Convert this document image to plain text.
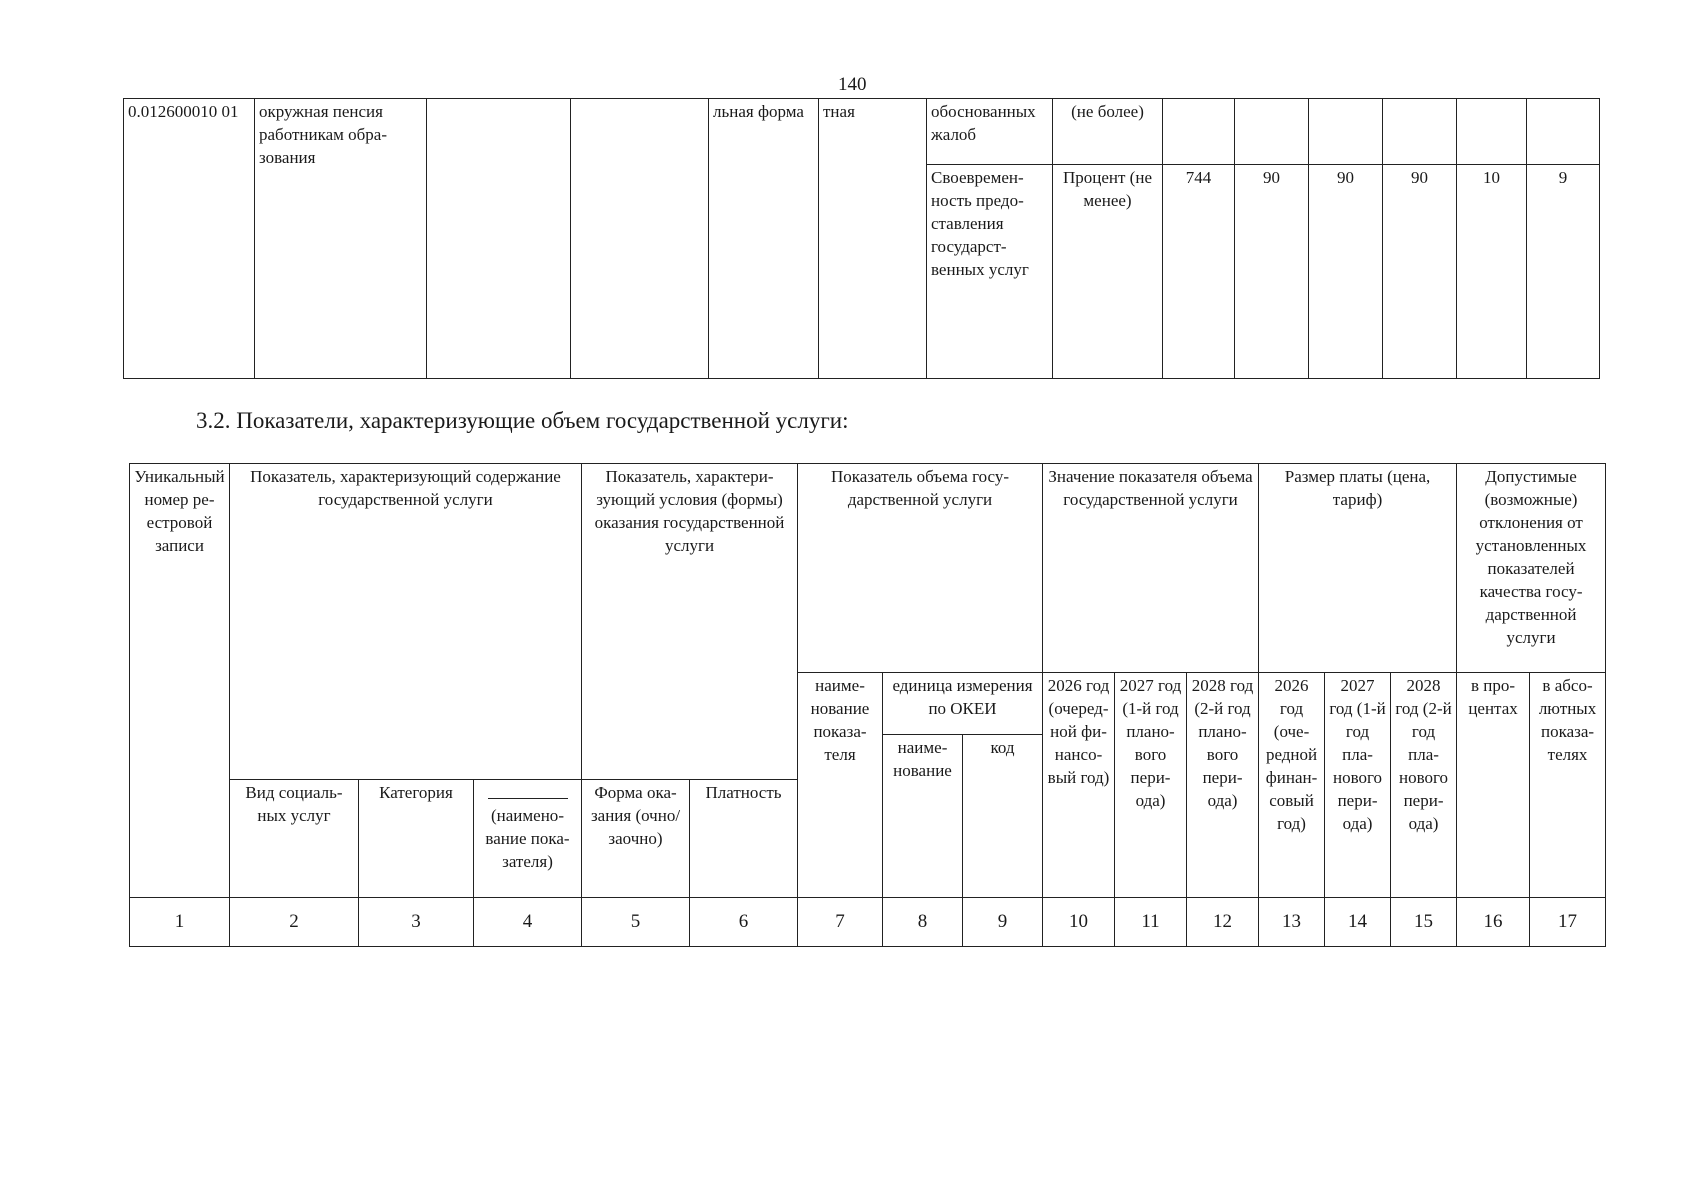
140
0.012600010 01	окружная пенсия работникам образования			льная форма	тная	обоснованных жалоб	(не более)						
						Своевременность предоставления государственных услуг	Процент (не менее)	744	90	90	90	10	9
3.2. Показатели, характеризующие объем государственной услуги:
Уникальный номер реестровой записи	Показатель, характеризующий содержание государственной услуги			Показатель, характеризующий условия (формы) оказания государственной услуги		Показатель объема государственной услуги			Значение показателя объема государственной услуги			Размер платы (цена, тариф)			Допустимые (возможные) отклонения от установленных показателей качества государственной услуги	
						наименование показателя	единица измерения по ОКЕИ		2026 год (очередной финансовый год)	2027 год (1-й год планового периода)	2028 год (2-й год планового периода)	2026 год (очередной финансовый год)	2027 год (1-й год планового периода)	2028 год (2-й год планового периода)	в процентах	в абсолютных показателях
							наименование	код								
	Вид социальных услуг	Категория	(наименование показателя)	Форма оказания (очно/заочно)	Платность											
1	2	3	4	5	6	7	8	9	10	11	12	13	14	15	16	17
